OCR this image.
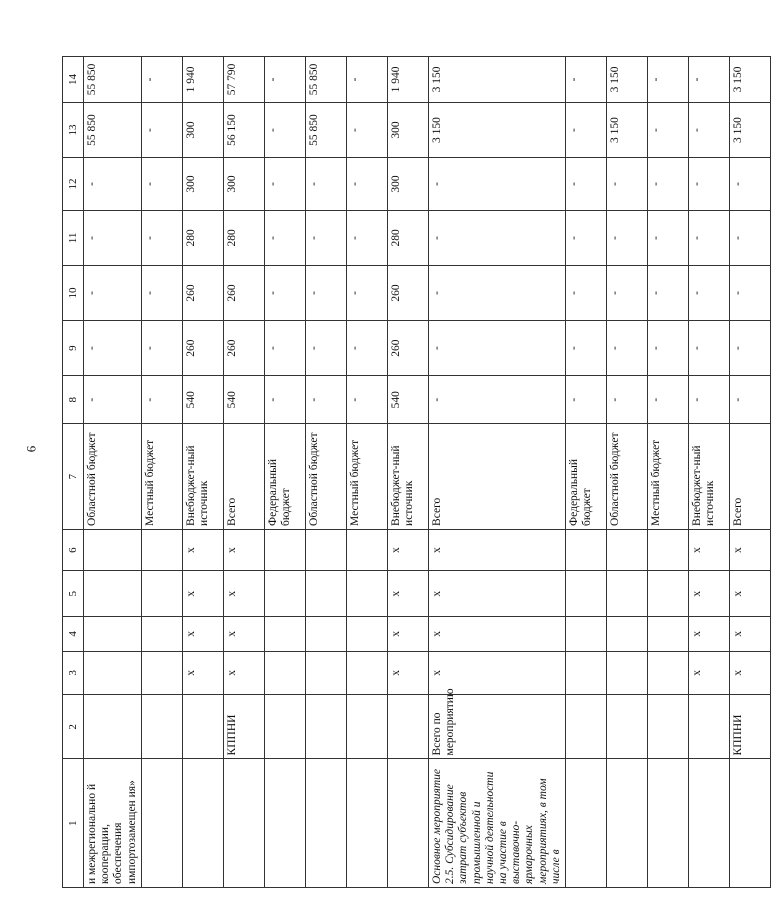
6
1	2	3	4	5	6	7	8	9	10	11	12	13	14
и межрегионально й кооперации, обеспечения импортозамещен ия»						Областной бюджет	-	-	-	-	-	55 850	55 850
						Местный бюджет	-	-	-	-	-	-	-
		x	x	x	x	Внебюджет-ный источник	540	260	260	280	300	300	1 940
	КППНИ	x	x	x	x	Всего	540	260	260	280	300	56 150	57 790
						Федеральный бюджет	-	-	-	-	-	-	-
						Областной бюджет	-	-	-	-	-	55 850	55 850
						Местный бюджет	-	-	-	-	-	-	-
		x	x	x	x	Внебюджет-ный источник	540	260	260	280	300	300	1 940
Основное мероприятие 2.5. Субсидирование затрат субъектов промышленной и научной деятельности на участие в выставочно-ярмарочных мероприятиях, в том числе в	Всего по мероприятию	x	x	x	x	Всего	-	-	-	-	-	3 150	3 150
						Федеральный бюджет	-	-	-	-	-	-	-
						Областной бюджет	-	-	-	-	-	3 150	3 150
						Местный бюджет	-	-	-	-	-	-	-
		x	x	x	x	Внебюджет-ный источник	-	-	-	-	-	-	-
	КППНИ	x	x	x	x	Всего	-	-	-	-	-	3 150	3 150
